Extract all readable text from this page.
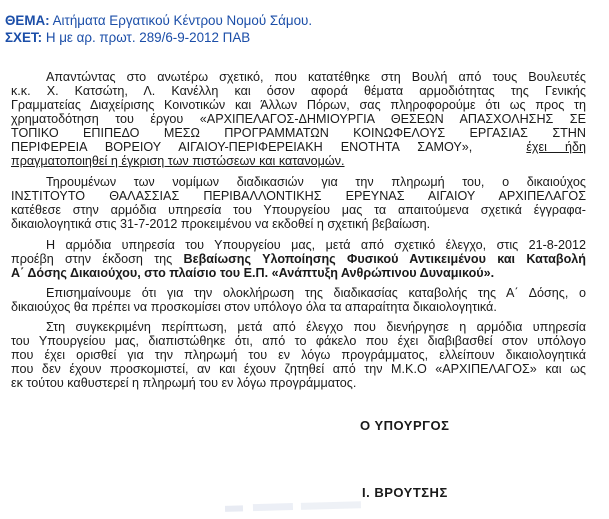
ΘΕΜΑ: Αιτήματα Εργατικού Κέντρου Νομού Σάμου.
ΣΧΕΤ: Η με αρ. πρωτ. 289/6-9-2012 ΠΑΒ
Απαντώντας στο ανωτέρω σχετικό, που κατατέθηκε στη Βουλή από τους Βουλευτές
κ.κ. Χ. Κατσώτη, Λ. Κανέλλη και όσον αφορά θέματα αρμοδιότητας της Γενικής
Γραμματείας Διαχείρισης Κοινοτικών και Άλλων Πόρων, σας πληροφορούμε ότι ως προς τη
χρηματοδότηση του έργου «ΑΡΧΙΠΕΛΑΓΟΣ-ΔΗΜΙΟΥΡΓΙΑ ΘΕΣΕΩΝ ΑΠΑΣΧΟΛΗΣΗΣ ΣΕ
ΤΟΠΙΚΟ ΕΠΙΠΕΔΟ ΜΕΣΩ ΠΡΟΓΡΑΜΜΑΤΩΝ ΚΟΙΝΩΦΕΛΟΥΣ ΕΡΓΑΣΙΑΣ ΣΤΗΝ
ΠΕΡΙΦΕΡΕΙΑ ΒΟΡΕΙΟΥ ΑΙΓΑΙΟΥ-ΠΕΡΙΦΕΡΕΙΑΚΗ ΕΝΟΤΗΤΑ ΣΑΜΟΥ»,	έχει ήδη
πραγματοποιηθεί η έγκριση των πιστώσεων και κατανομών.
Τηρουμένων των νομίμων διαδικασιών για την πληρωμή του, ο δικαιούχος
ΙΝΣΤΙΤΟΥΤΟ ΘΑΛΑΣΣΙΑΣ ΠΕΡΙΒΑΛΛΟΝΤΙΚΗΣ ΕΡΕΥΝΑΣ ΑΙΓΑΙΟΥ ΑΡΧΙΠΕΛΑΓΟΣ
κατέθεσε στην αρμόδια υπηρεσία του Υπουργείου μας τα απαιτούμενα σχετικά έγγραφα-
δικαιολογητικά στις 31-7-2012 προκειμένου να εκδοθεί η σχετική βεβαίωση.
Η αρμόδια υπηρεσία του Υπουργείου μας, μετά από σχετικό έλεγχο, στις 21-8-2012
προέβη στην έκδοση της Βεβαίωσης Υλοποίησης Φυσικού Αντικειμένου και Καταβολή
Α΄ Δόσης Δικαιούχου, στο πλαίσιο του Ε.Π. «Ανάπτυξη Ανθρώπινου Δυναμικού».
Επισημαίνουμε ότι για την ολοκλήρωση της διαδικασίας καταβολής της Α΄ Δόσης, ο
δικαιούχος θα πρέπει να προσκομίσει στον υπόλογο όλα τα απαραίτητα δικαιολογητικά.
Στη συγκεκριμένη περίπτωση, μετά από έλεγχο που διενήργησε η αρμόδια υπηρεσία
του Υπουργείου μας, διαπιστώθηκε ότι, από το φάκελο που έχει διαβιβασθεί στον υπόλογο
που έχει ορισθεί για την πληρωμή του εν λόγω προγράμματος, ελλείπουν δικαιολογητικά
που δεν έχουν προσκομιστεί, αν και έχουν ζητηθεί από την Μ.Κ.Ο «ΑΡΧΙΠΕΛΑΓΟΣ» και ως
εκ τούτου καθυστερεί η πληρωμή του εν λόγω προγράμματος.
Ο ΥΠΟΥΡΓΟΣ
Ι. ΒΡΟΥΤΣΗΣ
